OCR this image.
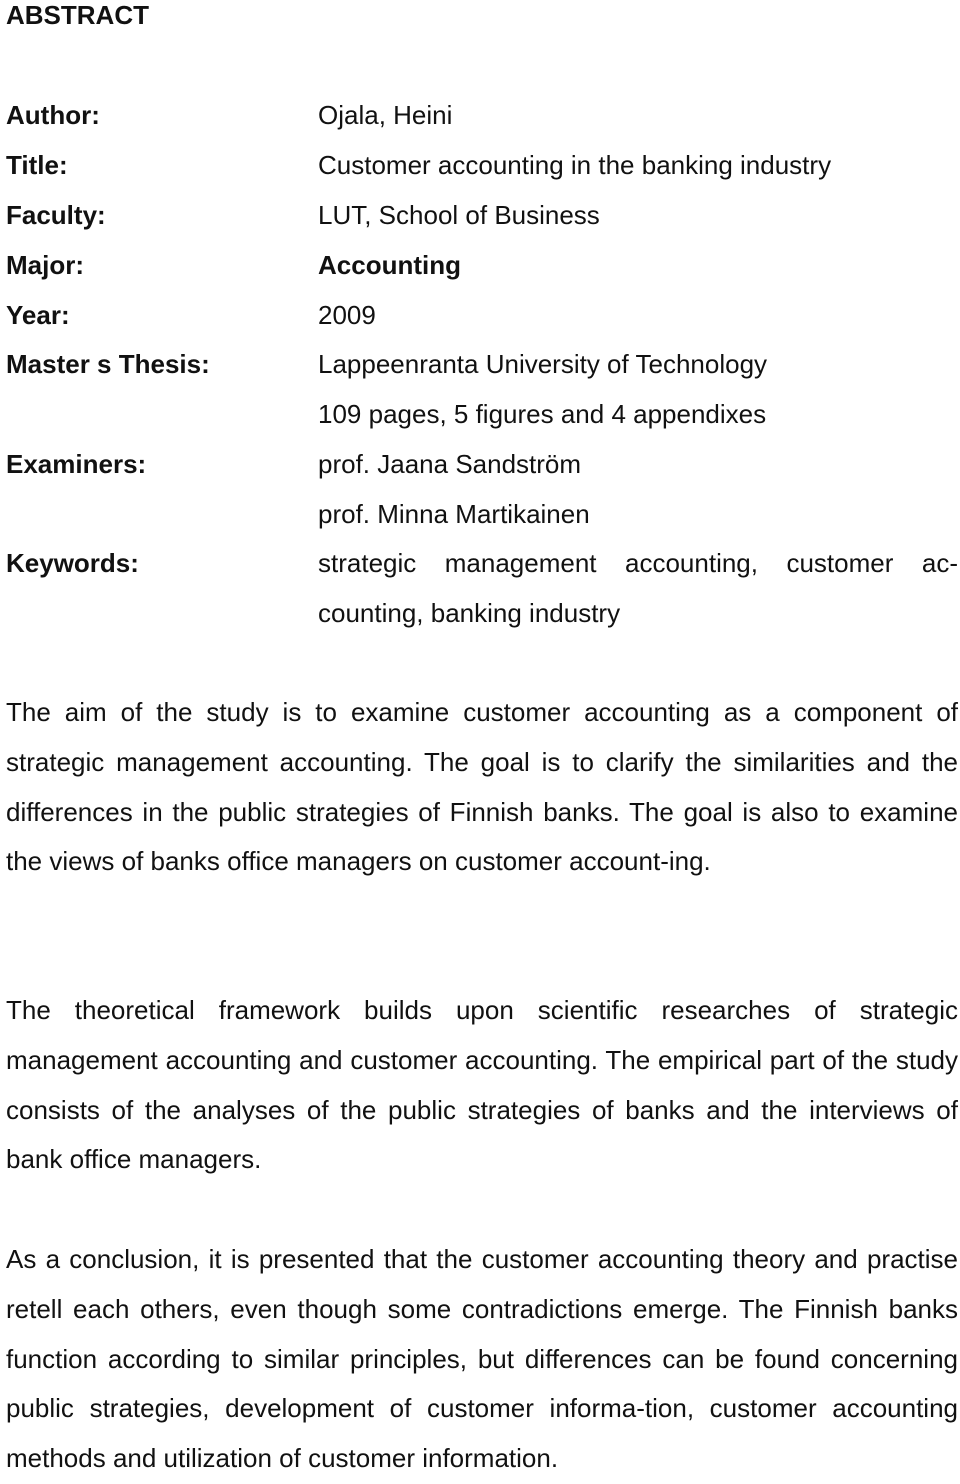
ABSTRACT
Author:	Ojala, Heini
Title:	Customer accounting in the banking industry
Faculty:	LUT, School of Business
Major:	Accounting
Year:	2009
Master s Thesis:	Lappeenranta University of Technology
109 pages, 5 figures and 4 appendixes
Examiners:	prof. Jaana Sandström
prof. Minna Martikainen
Keywords:	strategic management accounting, customer ac-counting, banking industry

The aim of the study is to examine customer accounting as a component of strategic management accounting. The goal is to clarify the similarities and the differences in the public strategies of Finnish banks. The goal is also to examine the views of banks office managers on customer account-ing.

The theoretical framework builds upon scientific researches of strategic management accounting and customer accounting. The empirical part of the study consists of the analyses of the public strategies of banks and the interviews of bank office managers.

As a conclusion, it is presented that the customer accounting theory and practise retell each others, even though some contradictions emerge. The Finnish banks function according to similar principles, but differences can be found concerning public strategies, development of customer informa-tion, customer accounting methods and utilization of customer information.
